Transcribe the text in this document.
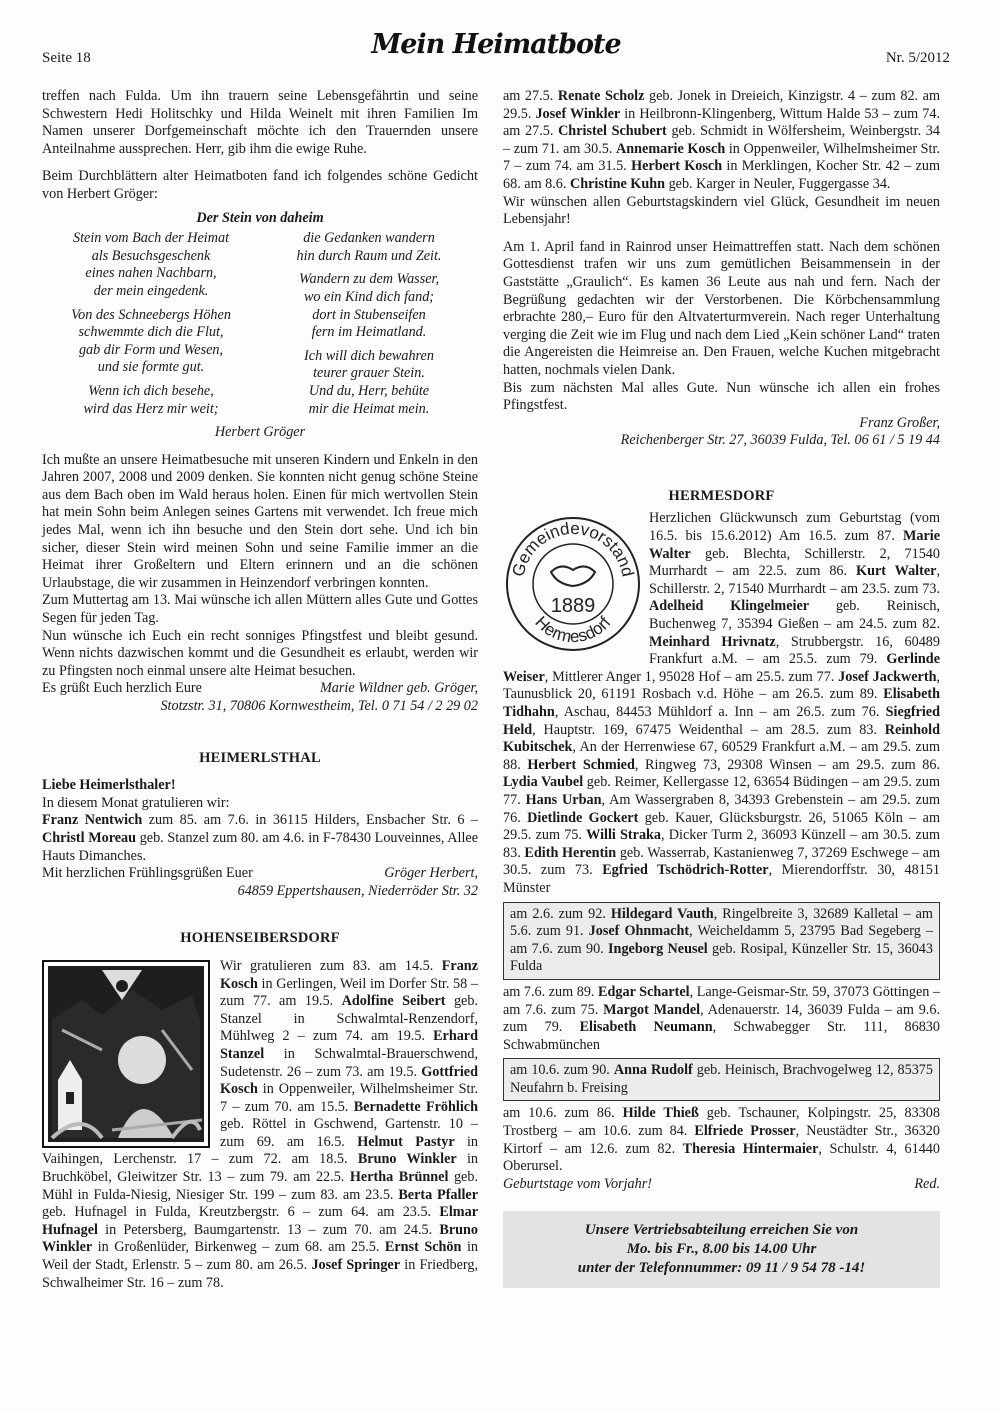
Seite 18	Mein Heimatbote	Nr. 5/2012

treffen nach Fulda. Um ihn trauern seine Lebensgefährtin und seine Schwestern Hedi Holitschky und Hilda Weinelt mit ihren Familien Im Namen unserer Dorfgemeinschaft möchte ich den Trauernden unsere Anteilnahme aussprechen. Herr, gib ihm die ewige Ruhe.

Beim Durchblättern alter Heimatboten fand ich folgendes schöne Gedicht von Herbert Gröger:

Der Stein von daheim
Stein vom Bach der Heimat
als Besuchsgeschenk
eines nahen Nachbarn,
der mein eingedenk.
Von des Schneebergs Höhen
schwemmte dich die Flut,
gab dir Form und Wesen,
und sie formte gut.
Wenn ich dich besehe,
wird das Herz mir weit;
die Gedanken wandern
hin durch Raum und Zeit.
Wandern zu dem Wasser,
wo ein Kind dich fand;
dort in Stubenseifen
fern im Heimatland.
Ich will dich bewahren
teurer grauer Stein.
Und du, Herr, behüte
mir die Heimat mein.
Herbert Gröger

Ich mußte an unsere Heimatbesuche mit unseren Kindern und Enkeln in den Jahren 2007, 2008 und 2009 denken. Sie konnten nicht genug schöne Steine aus dem Bach oben im Wald heraus holen. Einen für mich wertvollen Stein hat mein Sohn beim Anlegen seines Gartens mit verwendet. Ich freue mich jedes Mal, wenn ich ihn besuche und den Stein dort sehe. Und ich bin sicher, dieser Stein wird meinen Sohn und seine Familie immer an die Heimat ihrer Großeltern und Eltern erinnern und an die schönen Urlaubstage, die wir zusammen in Heinzendorf verbringen konnten.

Zum Muttertag am 13. Mai wünsche ich allen Müttern alles Gute und Gottes Segen für jeden Tag.

Nun wünsche ich Euch ein recht sonniges Pfingstfest und bleibt gesund. Wenn nichts dazwischen kommt und die Gesundheit es erlaubt, werden wir zu Pfingsten noch einmal unsere alte Heimat besuchen.

Es grüßt Euch herzlich Eure	Marie Wildner geb. Gröger,
Stotzstr. 31, 70806 Kornwestheim, Tel. 0 71 54 / 2 29 02
HEIMERLSTHAL

Liebe Heimerlsthaler!

In diesem Monat gratulieren wir:

Franz Nentwich zum 85. am 7.6. in 36115 Hilders, Ensbacher Str. 6 – Christl Moreau geb. Stanzel zum 80. am 4.6. in F-78430 Louveinnes, Allee Hauts Dimanches.

Mit herzlichen Frühlingsgrüßen Euer	Gröger Herbert,
64859 Eppertshausen, Niederröder Str. 32
HOHENSEIBERSDORF

Wir gratulieren zum 83. am 14.5. Franz Kosch in Gerlingen, Weil im Dorfer Str. 58 – zum 77. am 19.5. Adolfine Seibert geb. Stanzel in Schwalmtal-Renzendorf, Mühlweg 2 – zum 74. am 19.5. Erhard Stanzel in Schwalmtal-Brauerschwend, Sudetenstr. 26 – zum 73. am 19.5. Gottfried Kosch in Oppenweiler, Wilhelmsheimer Str. 7 – zum 70. am 15.5. Bernadette Fröhlich geb. Röttel in Gschwend, Gartenstr. 10 – zum 69. am 16.5. Helmut Pastyr in Vaihingen, Lerchenstr. 17 – zum 72. am 18.5. Bruno Winkler in Bruchköbel, Gleiwitzer Str. 13 – zum 79. am 22.5. Hertha Brünnel geb. Mühl in Fulda-Niesig, Niesiger Str. 199 – zum 83. am 23.5. Berta Pfaller geb. Hufnagel in Fulda, Kreutzbergstr. 6 – zum 64. am 23.5. Elmar Hufnagel in Petersberg, Baumgartenstr. 13 – zum 70. am 24.5. Bruno Winkler in Großenlüder, Birkenweg – zum 68. am 25.5. Ernst Schön in Weil der Stadt, Erlenstr. 5 – zum 80. am 26.5. Josef Springer in Friedberg, Schwalheimer Str. 16 – zum 78.

am 27.5. Renate Scholz geb. Jonek in Dreieich, Kinzigstr. 4 – zum 82. am 29.5. Josef Winkler in Heilbronn-Klingenberg, Wittum Halde 53 – zum 74. am 27.5. Christel Schubert geb. Schmidt in Wölfersheim, Weinbergstr. 34 – zum 71. am 30.5. Annemarie Kosch in Oppenweiler, Wilhelmsheimer Str. 7 – zum 74. am 31.5. Herbert Kosch in Merklingen, Kocher Str. 42 – zum 68. am 8.6. Christine Kuhn geb. Karger in Neuler, Fuggergasse 34.

Wir wünschen allen Geburtstagskindern viel Glück, Gesundheit im neuen Lebensjahr!

Am 1. April fand in Rainrod unser Heimattreffen statt. Nach dem schönen Gottesdienst trafen wir uns zum gemütlichen Beisammensein in der Gaststätte „Graulich“. Es kamen 36 Leute aus nah und fern. Nach der Begrüßung gedachten wir der Verstorbenen. Die Körbchensammlung erbrachte 280,– Euro für den Altvaterturmverein. Nach reger Unterhaltung verging die Zeit wie im Flug und nach dem Lied „Kein schöner Land“ traten die Angereisten die Heimreise an. Den Frauen, welche Kuchen mitgebracht hatten, nochmals vielen Dank.

Bis zum nächsten Mal alles Gute. Nun wünsche ich allen ein frohes Pfingstfest.

Franz Großer,
Reichenberger Str. 27, 36039 Fulda, Tel. 06 61 / 5 19 44
HERMESDORF
Gemeindevorstand
Hermesdorf
1889

Herzlichen Glückwunsch zum Geburtstag (vom 16.5. bis 15.6.2012) Am 16.5. zum 87. Marie Walter geb. Blechta, Schillerstr. 2, 71540 Murrhardt – am 22.5. zum 86. Kurt Walter, Schillerstr. 2, 71540 Murrhardt – am 23.5. zum 73. Adelheid Klingelmeier geb. Reinisch, Buchenweg 7, 35394 Gießen – am 24.5. zum 82. Meinhard Hrivnatz, Strubbergstr. 16, 60489 Frankfurt a.M. – am 25.5. zum 79. Gerlinde Weiser, Mittlerer Anger 1, 95028 Hof – am 25.5. zum 77. Josef Jackwerth, Taunusblick 20, 61191 Rosbach v.d. Höhe – am 26.5. zum 89. Elisabeth Tidhahn, Aschau, 84453 Mühldorf a. Inn – am 26.5. zum 76. Siegfried Held, Hauptstr. 169, 67475 Weidenthal – am 28.5. zum 83. Reinhold Kubitschek, An der Herrenwiese 67, 60529 Frankfurt a.M. – am 29.5. zum 88. Herbert Schmied, Ringweg 73, 29308 Winsen – am 29.5. zum 86. Lydia Vaubel geb. Reimer, Kellergasse 12, 63654 Büdingen – am 29.5. zum 77. Hans Urban, Am Wassergraben 8, 34393 Grebenstein – am 29.5. zum 76. Dietlinde Gockert geb. Kauer, Glücksburgstr. 26, 51065 Köln – am 29.5. zum 75. Willi Straka, Dicker Turm 2, 36093 Künzell – am 30.5. zum 83. Edith Herentin geb. Wasserrab, Kastanienweg 7, 37269 Eschwege – am 30.5. zum 73. Egfried Tschödrich-Rotter, Mierendorffstr. 30, 48151 Münster

am 2.6. zum 92. Hildegard Vauth, Ringelbreite 3, 32689 Kalletal – am 5.6. zum 91. Josef Ohnmacht, Weicheldamm 5, 23795 Bad Segeberg – am 7.6. zum 90. Ingeborg Neusel geb. Rosipal, Künzeller Str. 15, 36043 Fulda

am 7.6. zum 89. Edgar Schartel, Lange-Geismar-Str. 59, 37073 Göttingen – am 7.6. zum 75. Margot Mandel, Adenauerstr. 14, 36039 Fulda – am 9.6. zum 79. Elisabeth Neumann, Schwabegger Str. 111, 86830 Schwabmünchen

am 10.6. zum 90. Anna Rudolf geb. Heinisch, Brachvogelweg 12, 85375 Neufahrn b. Freising

am 10.6. zum 86. Hilde Thieß geb. Tschauner, Kolpingstr. 25, 83308 Trostberg – am 10.6. zum 84. Elfriede Prosser, Neustädter Str., 36320 Kirtorf – am 12.6. zum 82. Theresia Hintermaier, Schulstr. 4, 61440 Oberursel.

Geburtstage vom Vorjahr!	Red.
Unsere Vertriebsabteilung erreichen Sie von
Mo. bis Fr., 8.00 bis 14.00 Uhr
unter der Telefonnummer: 09 11 / 9 54 78 -14!
